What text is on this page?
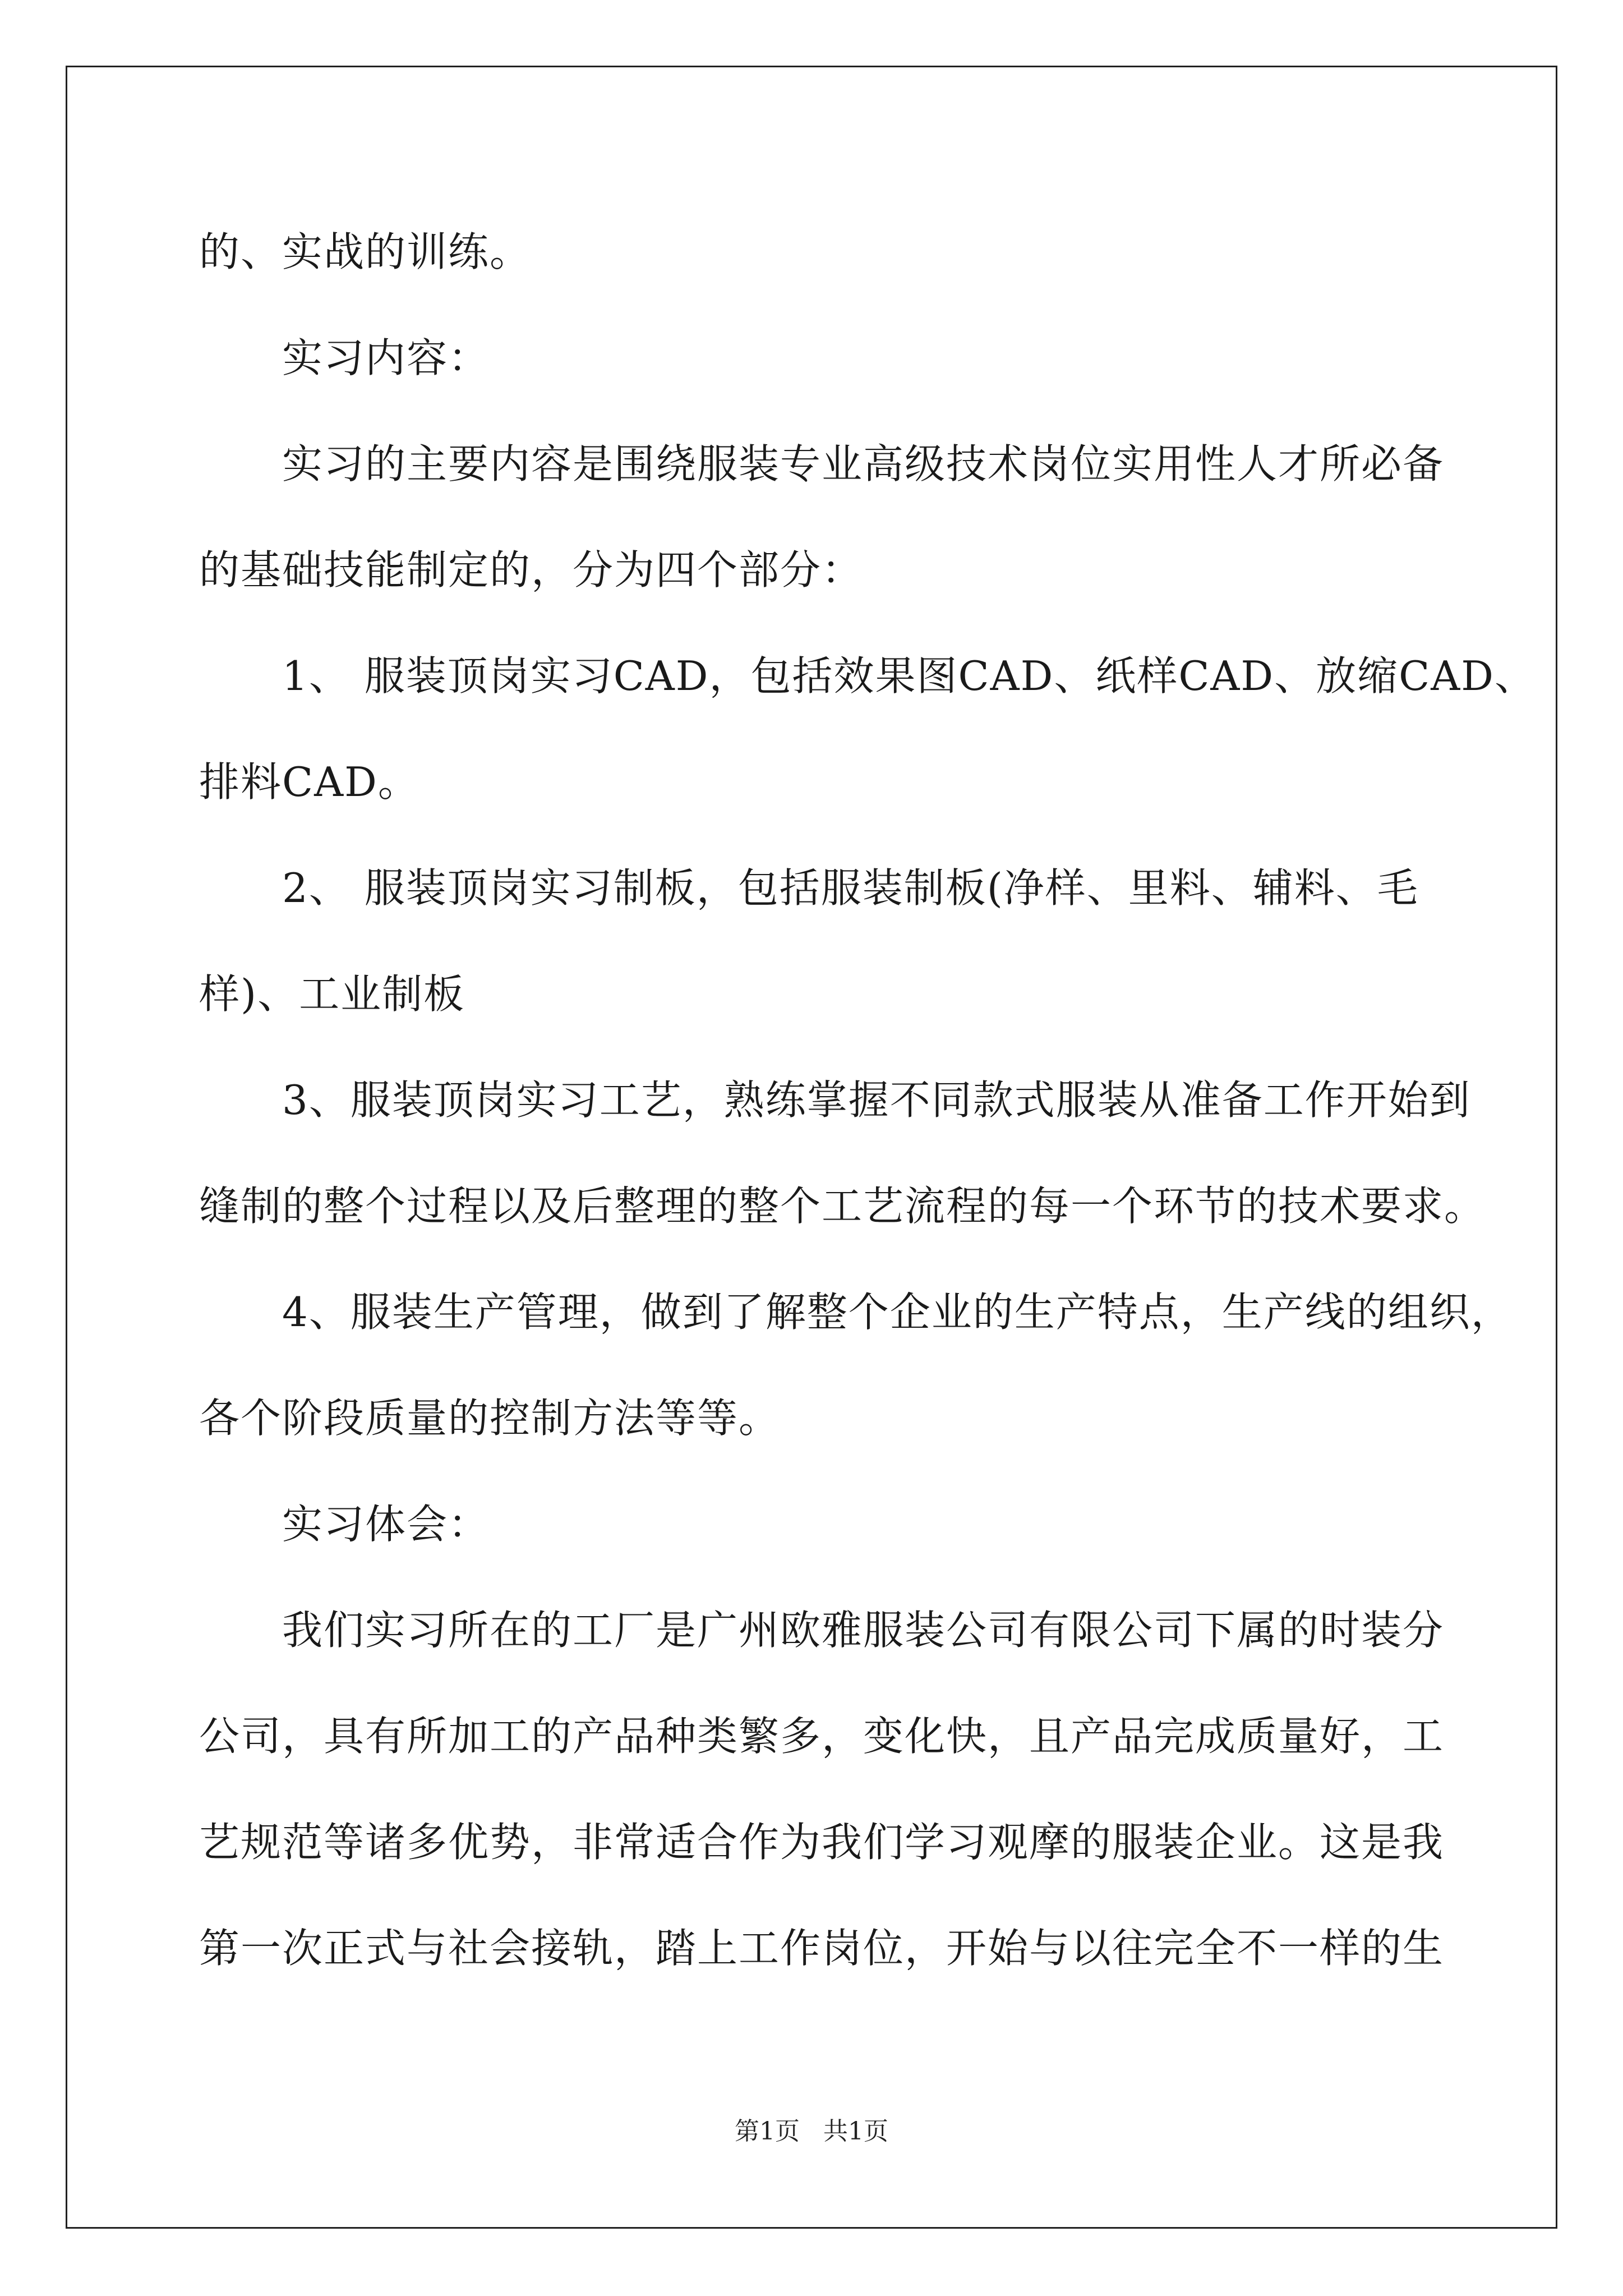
的、实战的训练。

实习内容：

实习的主要内容是围绕服装专业高级技术岗位实用性人才所必备
的基础技能制定的，分为四个部分：

1、 服装顶岗实习CAD，包括效果图CAD、纸样CAD、放缩CAD、
排料CAD。

2、 服装顶岗实习制板，包括服装制板(净样、里料、辅料、毛
样)、工业制板

3、服装顶岗实习工艺，熟练掌握不同款式服装从准备工作开始到
缝制的整个过程以及后整理的整个工艺流程的每一个环节的技术要求。

4、服装生产管理，做到了解整个企业的生产特点，生产线的组织，
各个阶段质量的控制方法等等。

实习体会：

我们实习所在的工厂是广州欧雅服装公司有限公司下属的时装分
公司，具有所加工的产品种类繁多，变化快，且产品完成质量好，工
艺规范等诸多优势，非常适合作为我们学习观摩的服装企业。这是我
第一次正式与社会接轨，踏上工作岗位，开始与以往完全不一样的生

第1页 共1页
